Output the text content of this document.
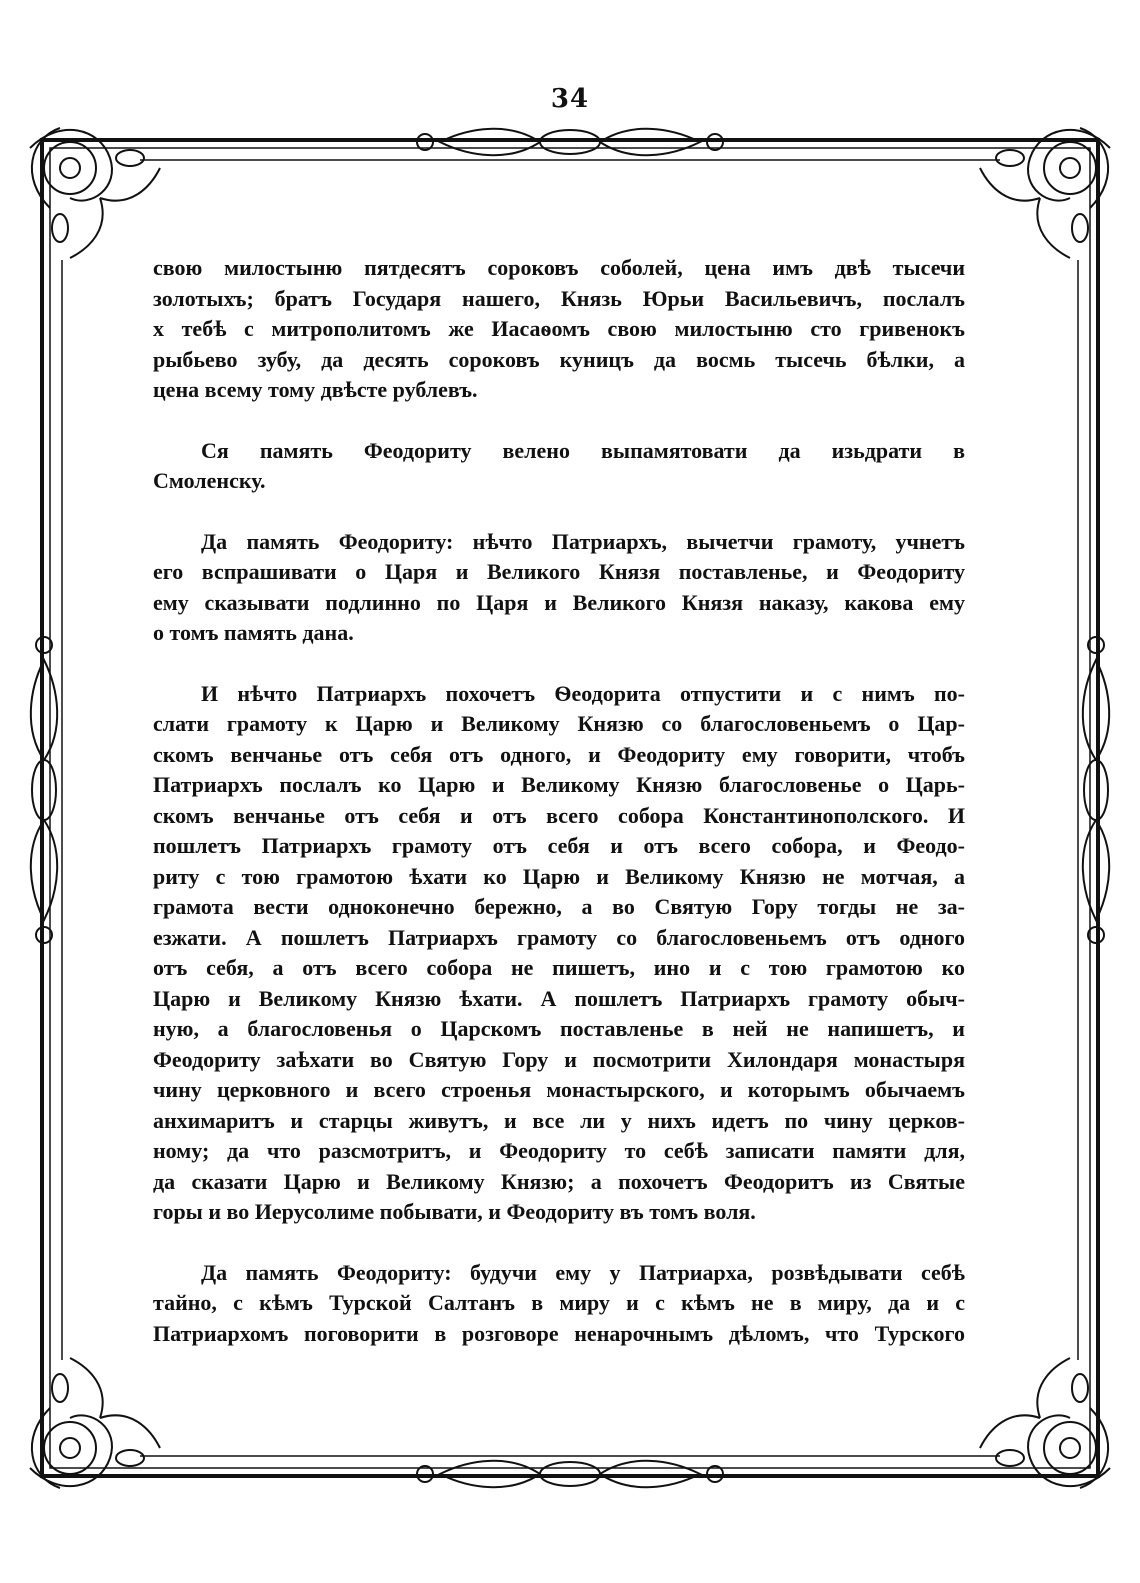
34
свою милостыню пятдесятъ сороковъ соболей, цена имъ двѣ тысечи
золотыхъ; братъ Государя нашего, Князь Юрьи Васильевичъ, послалъ
х тебѣ с митрополитомъ же Иасаѳомъ свою милостыню сто гривенокъ
рыбьево зубу, да десять сороковъ куницъ да восмь тысечь бѣлки, а
цена всему тому двѣсте рублевъ.
Ся память Феодориту велено выпамятовати да изьдрати в
Смоленску.
Да память Феодориту: нѣчто Патриархъ, вычетчи грамоту, учнетъ
его вспрашивати о Царя и Великого Князя поставленье, и Феодориту
ему сказывати подлинно по Царя и Великого Князя наказу, какова ему
о томъ память дана.
И нѣчто Патриархъ похочетъ Ѳеодорита отпустити и с нимъ по-
слати грамоту к Царю и Великому Князю со благословеньемъ о Цар-
скомъ венчанье отъ себя отъ одного, и Феодориту ему говорити, чтобъ
Патриархъ послалъ ко Царю и Великому Князю благословенье о Царь-
скомъ венчанье отъ себя и отъ всего собора Константинополского. И
пошлетъ Патриархъ грамоту отъ себя и отъ всего собора, и Феодо-
риту с тою грамотою ѣхати ко Царю и Великому Князю не мотчая, а
грамота вести одноконечно бережно, а во Святую Гору тогды не за-
езжати. А пошлетъ Патриархъ грамоту со благословеньемъ отъ одного
отъ себя, а отъ всего собора не пишетъ, ино и с тою грамотою ко
Царю и Великому Князю ѣхати. А пошлетъ Патриархъ грамоту обыч-
ную, а благословенья о Царскомъ поставленье в ней не напишетъ, и
Феодориту заѣхати во Святую Гору и посмотрити Хилондаря монастыря
чину церковного и всего строенья монастырского, и которымъ обычаемъ
анхимаритъ и старцы живутъ, и все ли у нихъ идетъ по чину церков-
ному; да что разсмотритъ, и Феодориту то себѣ записати памяти для,
да сказати Царю и Великому Князю; а похочетъ Феодоритъ из Святые
горы и во Иерусолиме побывати, и Феодориту въ томъ воля.
Да память Феодориту: будучи ему у Патриарха, розвѣдывати себѣ
тайно, с кѣмъ Турской Салтанъ в миру и с кѣмъ не в миру, да и с
Патриархомъ поговорити в розговоре ненарочнымъ дѣломъ, что Турского
